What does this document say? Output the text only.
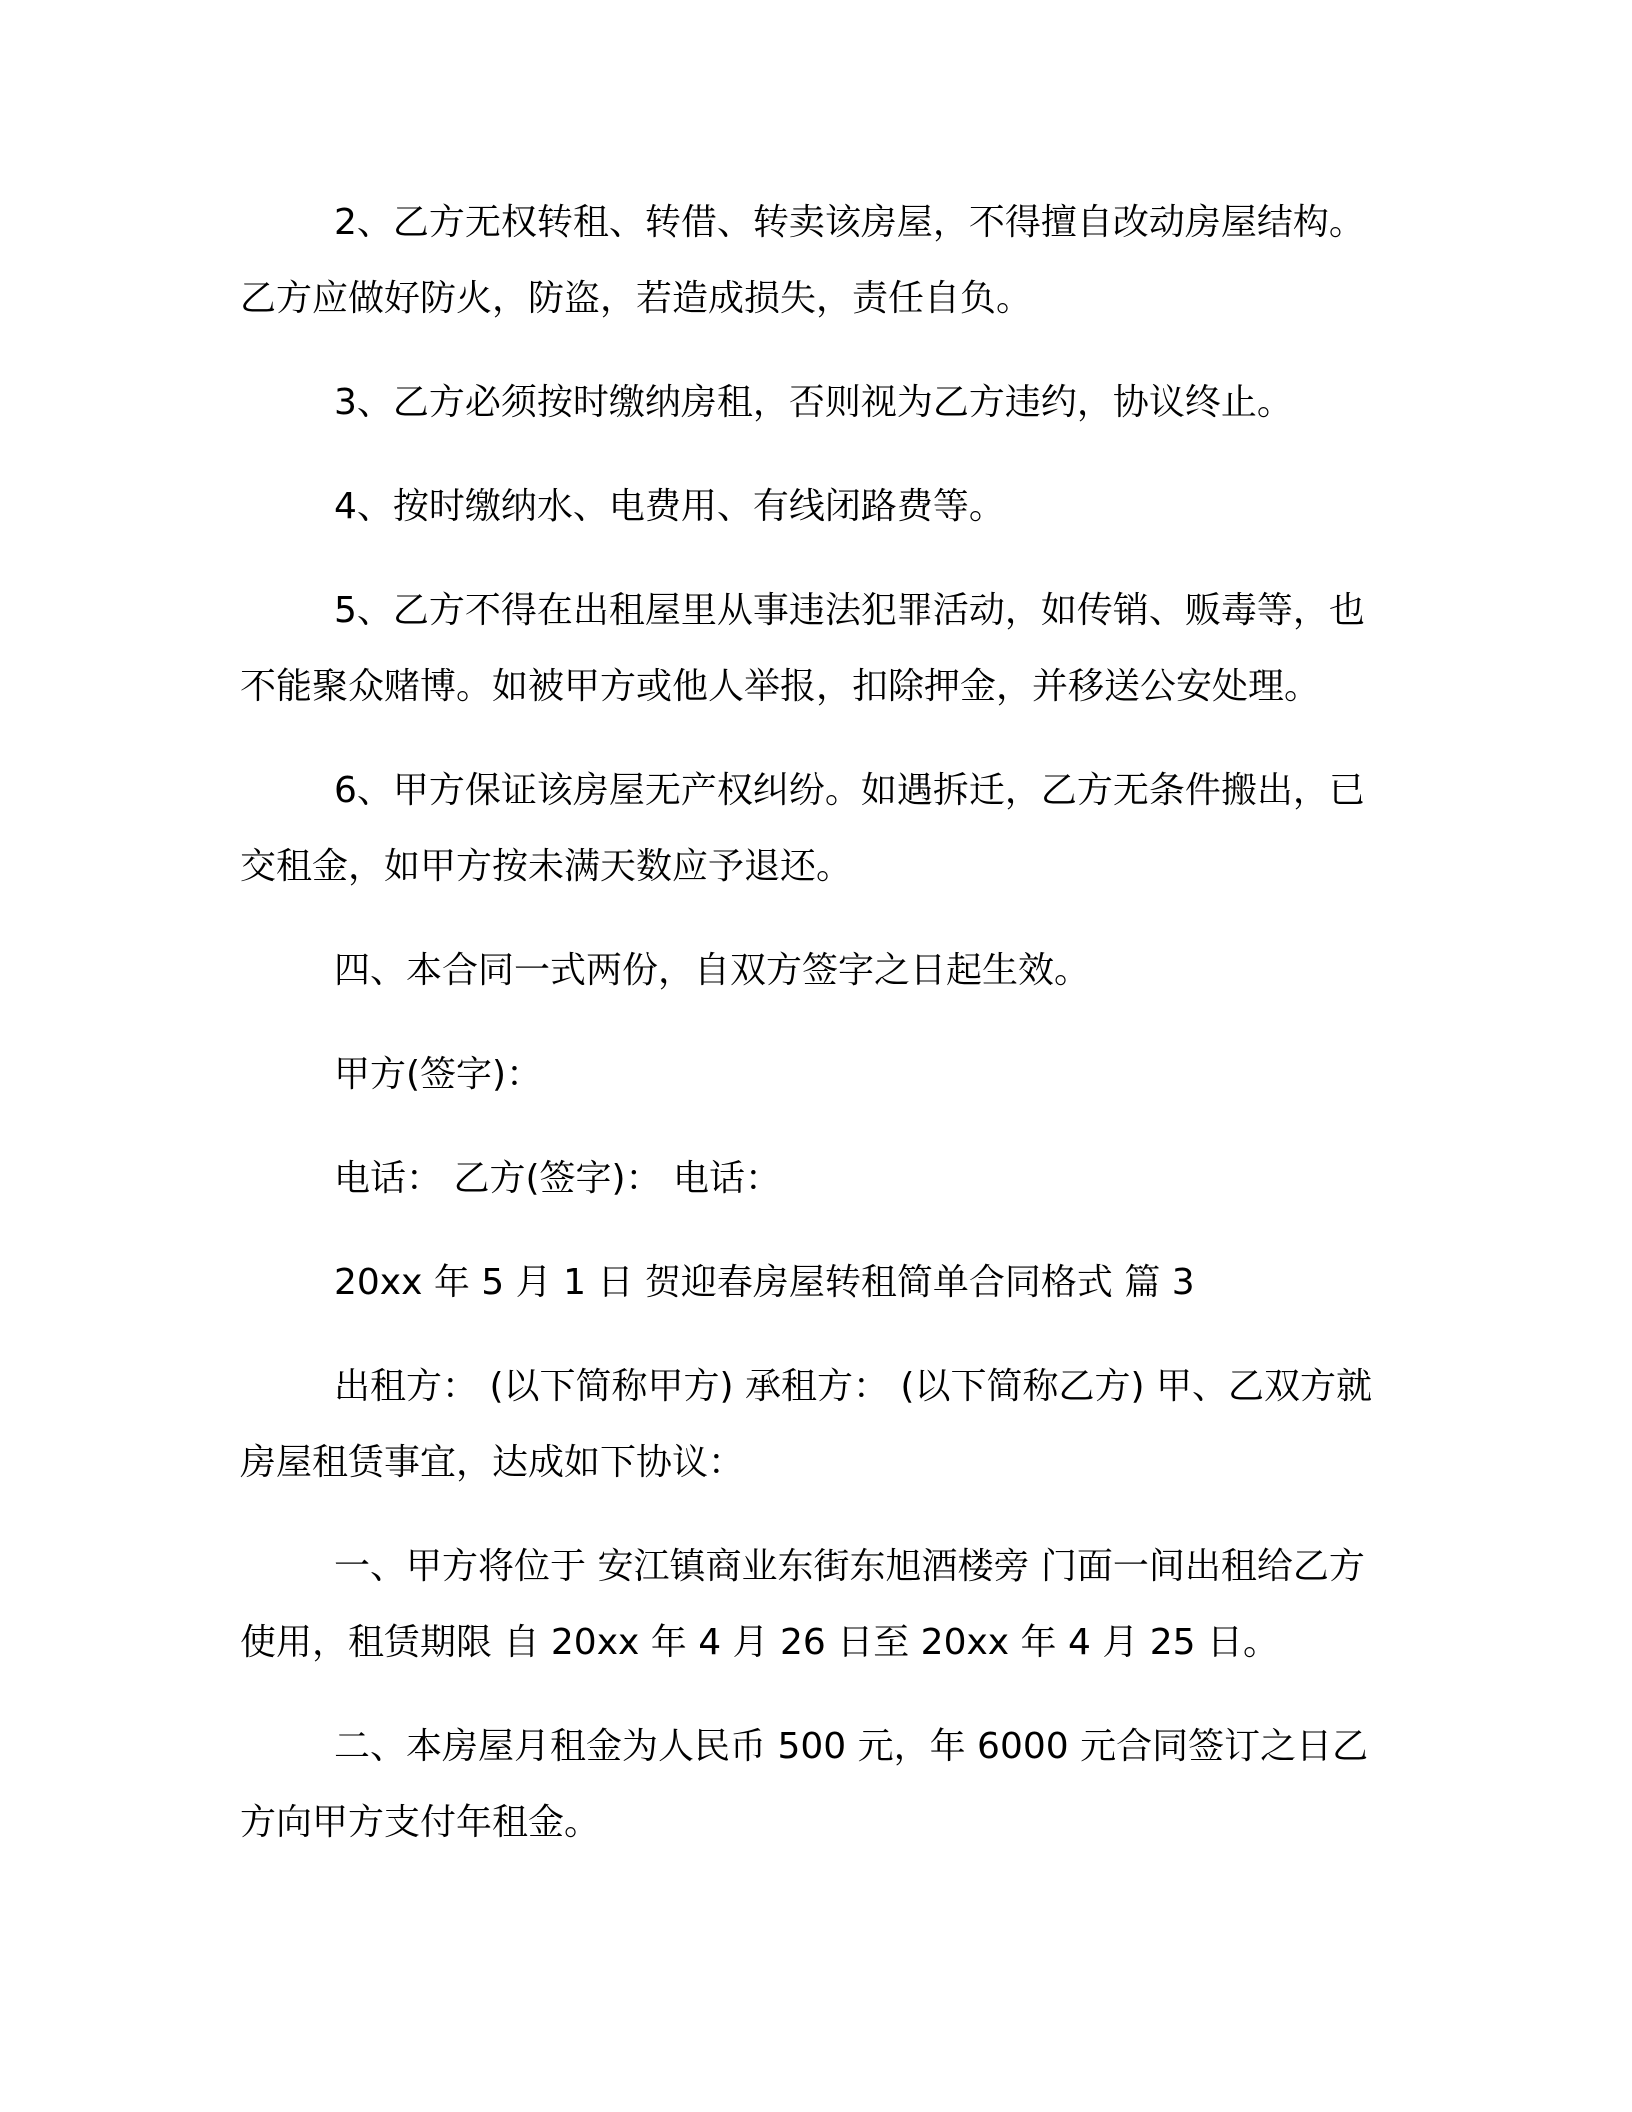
2、乙方无权转租、转借、转卖该房屋，不得擅自改动房屋结构。乙方应做好防火，防盗，若造成损失，责任自负。

3、乙方必须按时缴纳房租，否则视为乙方违约，协议终止。

4、按时缴纳水、电费用、有线闭路费等。

5、乙方不得在出租屋里从事违法犯罪活动，如传销、贩毒等，也不能聚众赌博。如被甲方或他人举报，扣除押金，并移送公安处理。

6、甲方保证该房屋无产权纠纷。如遇拆迁，乙方无条件搬出，已交租金，如甲方按未满天数应予退还。

四、本合同一式两份，自双方签字之日起生效。

甲方(签字)：

电话： 乙方(签字)： 电话：

20xx 年 5 月 1 日 贺迎春房屋转租简单合同格式 篇 3

出租方： (以下简称甲方) 承租方： (以下简称乙方) 甲、乙双方就房屋租赁事宜，达成如下协议：

一、甲方将位于 安江镇商业东街东旭酒楼旁 门面一间出租给乙方使用，租赁期限 自 20xx 年 4 月 26 日至 20xx 年 4 月 25 日。

二、本房屋月租金为人民币 500 元，年 6000 元合同签订之日乙方向甲方支付年租金。
